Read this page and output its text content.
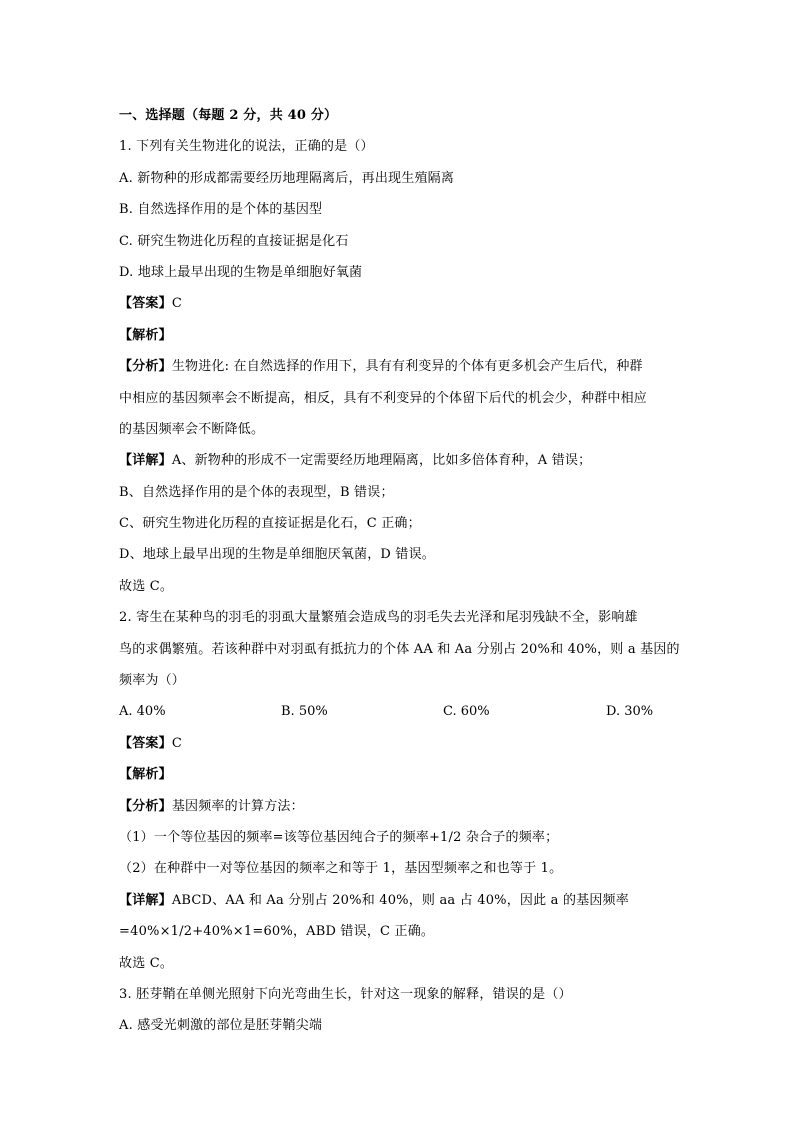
一、选择题（每题 2 分，共 40 分）
1. 下列有关生物进化的说法，正确的是（）
A. 新物种的形成都需要经历地理隔离后，再出现生殖隔离
B. 自然选择作用的是个体的基因型
C. 研究生物进化历程的直接证据是化石
D. 地球上最早出现的生物是单细胞好氧菌
【答案】C
【解析】
【分析】生物进化: 在自然选择的作用下，具有有利变异的个体有更多机会产生后代，种群
中相应的基因频率会不断提高，相反，具有不利变异的个体留下后代的机会少，种群中相应
的基因频率会不断降低。
【详解】A、新物种的形成不一定需要经历地理隔离，比如多倍体育种，A 错误；
B、自然选择作用的是个体的表现型，B 错误；
C、研究生物进化历程的直接证据是化石，C 正确；
D、地球上最早出现的生物是单细胞厌氧菌，D 错误。
故选 C。
2. 寄生在某种鸟的羽毛的羽虱大量繁殖会造成鸟的羽毛失去光泽和尾羽残缺不全，影响雄
鸟的求偶繁殖。若该种群中对羽虱有抵抗力的个体 AA 和 Aa 分别占 20%和 40%，则 a 基因的
频率为（）
A. 40%	B. 50%	C. 60%	D. 30%
【答案】C
【解析】
【分析】基因频率的计算方法：
（1）一个等位基因的频率=该等位基因纯合子的频率+1/2 杂合子的频率；
（2）在种群中一对等位基因的频率之和等于 1，基因型频率之和也等于 1。
【详解】ABCD、AA 和 Aa 分别占 20%和 40%，则 aa 占 40%，因此 a 的基因频率
=40%×1/2+40%×1=60%，ABD 错误，C 正确。
故选 C。
3. 胚芽鞘在单侧光照射下向光弯曲生长，针对这一现象的解释，错误的是（）
A. 感受光刺激的部位是胚芽鞘尖端
